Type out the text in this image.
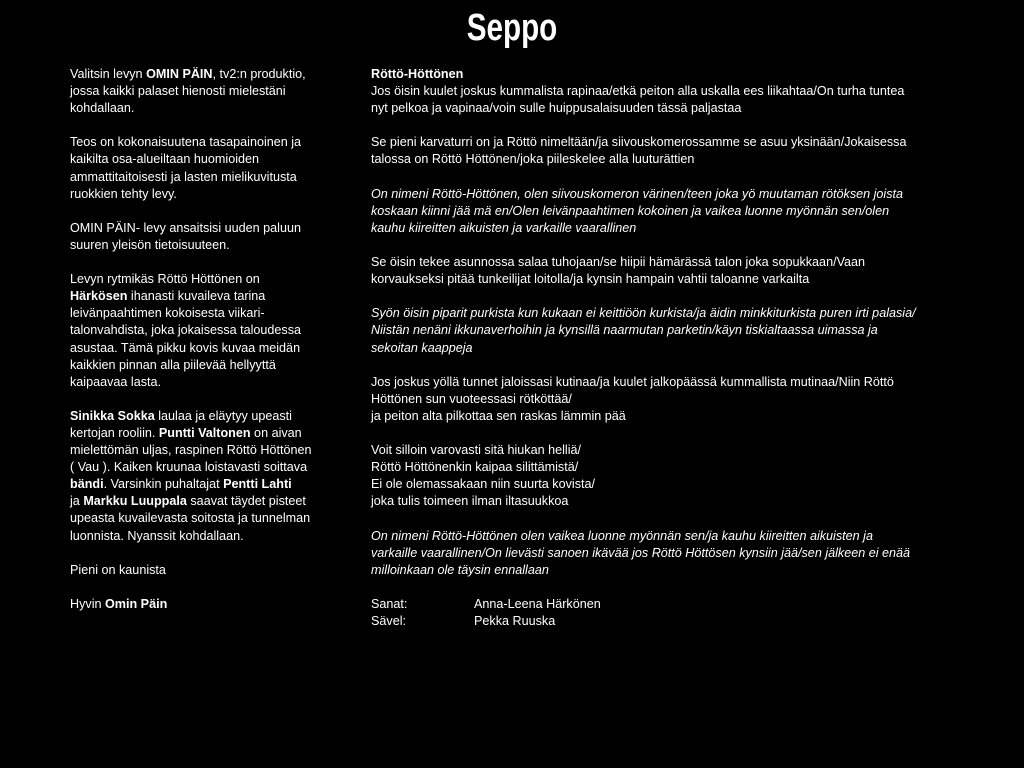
Seppo

Valitsin levyn OMIN PÄIN, tv2:n produktio,
jossa kaikki palaset hienosti mielestäni
kohdallaan.

Teos on kokonaisuutena tasapainoinen ja
kaikilta osa-alueiltaan huomioiden
ammattitaitoisesti ja lasten mielikuvitusta
ruokkien tehty levy.

OMIN PÄIN- levy ansaitsisi uuden paluun
suuren yleisön tietoisuuteen.

Levyn rytmikäs Röttö Höttönen on
Härkösen ihanasti kuvaileva tarina
leivänpaahtimen kokoisesta viikari-
talonvahdista, joka jokaisessa taloudessa
asustaa. Tämä pikku kovis kuvaa meidän
kaikkien pinnan alla piilevää hellyyttä
kaipaavaa lasta.

Sinikka Sokka laulaa ja eläytyy upeasti
kertojan rooliin. Puntti Valtonen on aivan
mielettömän uljas, raspinen Röttö Höttönen
( Vau ). Kaiken kruunaa loistavasti soittava
bändi. Varsinkin puhaltajat Pentti Lahti
ja Markku Luuppala saavat täydet pisteet
upeasta kuvailevasta soitosta ja tunnelman
luonnista. Nyanssit kohdallaan.

Pieni on kaunista

Hyvin Omin Päin

Röttö-Höttönen
Jos öisin kuulet joskus kummalista rapinaa/etkä peiton alla uskalla ees liikahtaa/On turha tuntea
nyt pelkoa ja vapinaa/voin sulle huippusalaisuuden tässä paljastaa

Se pieni karvaturri on ja Röttö nimeltään/ja siivouskomerossamme se asuu yksinään/Jokaisessa
talossa on Röttö Höttönen/joka piileskelee alla luuturättien

On nimeni Röttö-Höttönen, olen siivouskomeron värinen/teen joka yö muutaman rötöksen joista
koskaan kiinni jää mä en/Olen leivänpaahtimen kokoinen ja vaikea luonne myönnän sen/olen
kauhu kiireitten aikuisten ja varkaille vaarallinen

Se öisin tekee asunnossa salaa tuhojaan/se hiipii hämärässä talon joka sopukkaan/Vaan
korvaukseksi pitää tunkeilijat loitolla/ja kynsin hampain vahtii taloanne varkailta

Syön öisin piparit purkista kun kukaan ei keittiöön kurkista/ja äidin minkkiturkista puren irti palasia/
Niistän nenäni ikkunaverhoihin ja kynsillä naarmutan parketin/käyn tiskialtaassa uimassa ja
sekoitan kaappeja

Jos joskus yöllä tunnet jaloissasi kutinaa/ja kuulet jalkopäässä kummallista mutinaa/Niin Röttö
Höttönen sun vuoteessasi rötköttää/
ja peiton alta pilkottaa sen raskas lämmin pää

Voit silloin varovasti sitä hiukan helliä/
Röttö Höttönenkin kaipaa silittämistä/
Ei ole olemassakaan niin suurta kovista/
joka tulis toimeen ilman iltasuukkoa

On nimeni Röttö-Höttönen olen vaikea luonne myönnän sen/ja kauhu kiireitten aikuisten ja
varkaille vaarallinen/On lievästi sanoen ikävää jos Röttö Höttösen kynsiin jää/sen jälkeen ei enää
milloinkaan ole täysin ennallaan

Sanat:	Anna-Leena Härkönen
Sävel:	Pekka Ruuska
